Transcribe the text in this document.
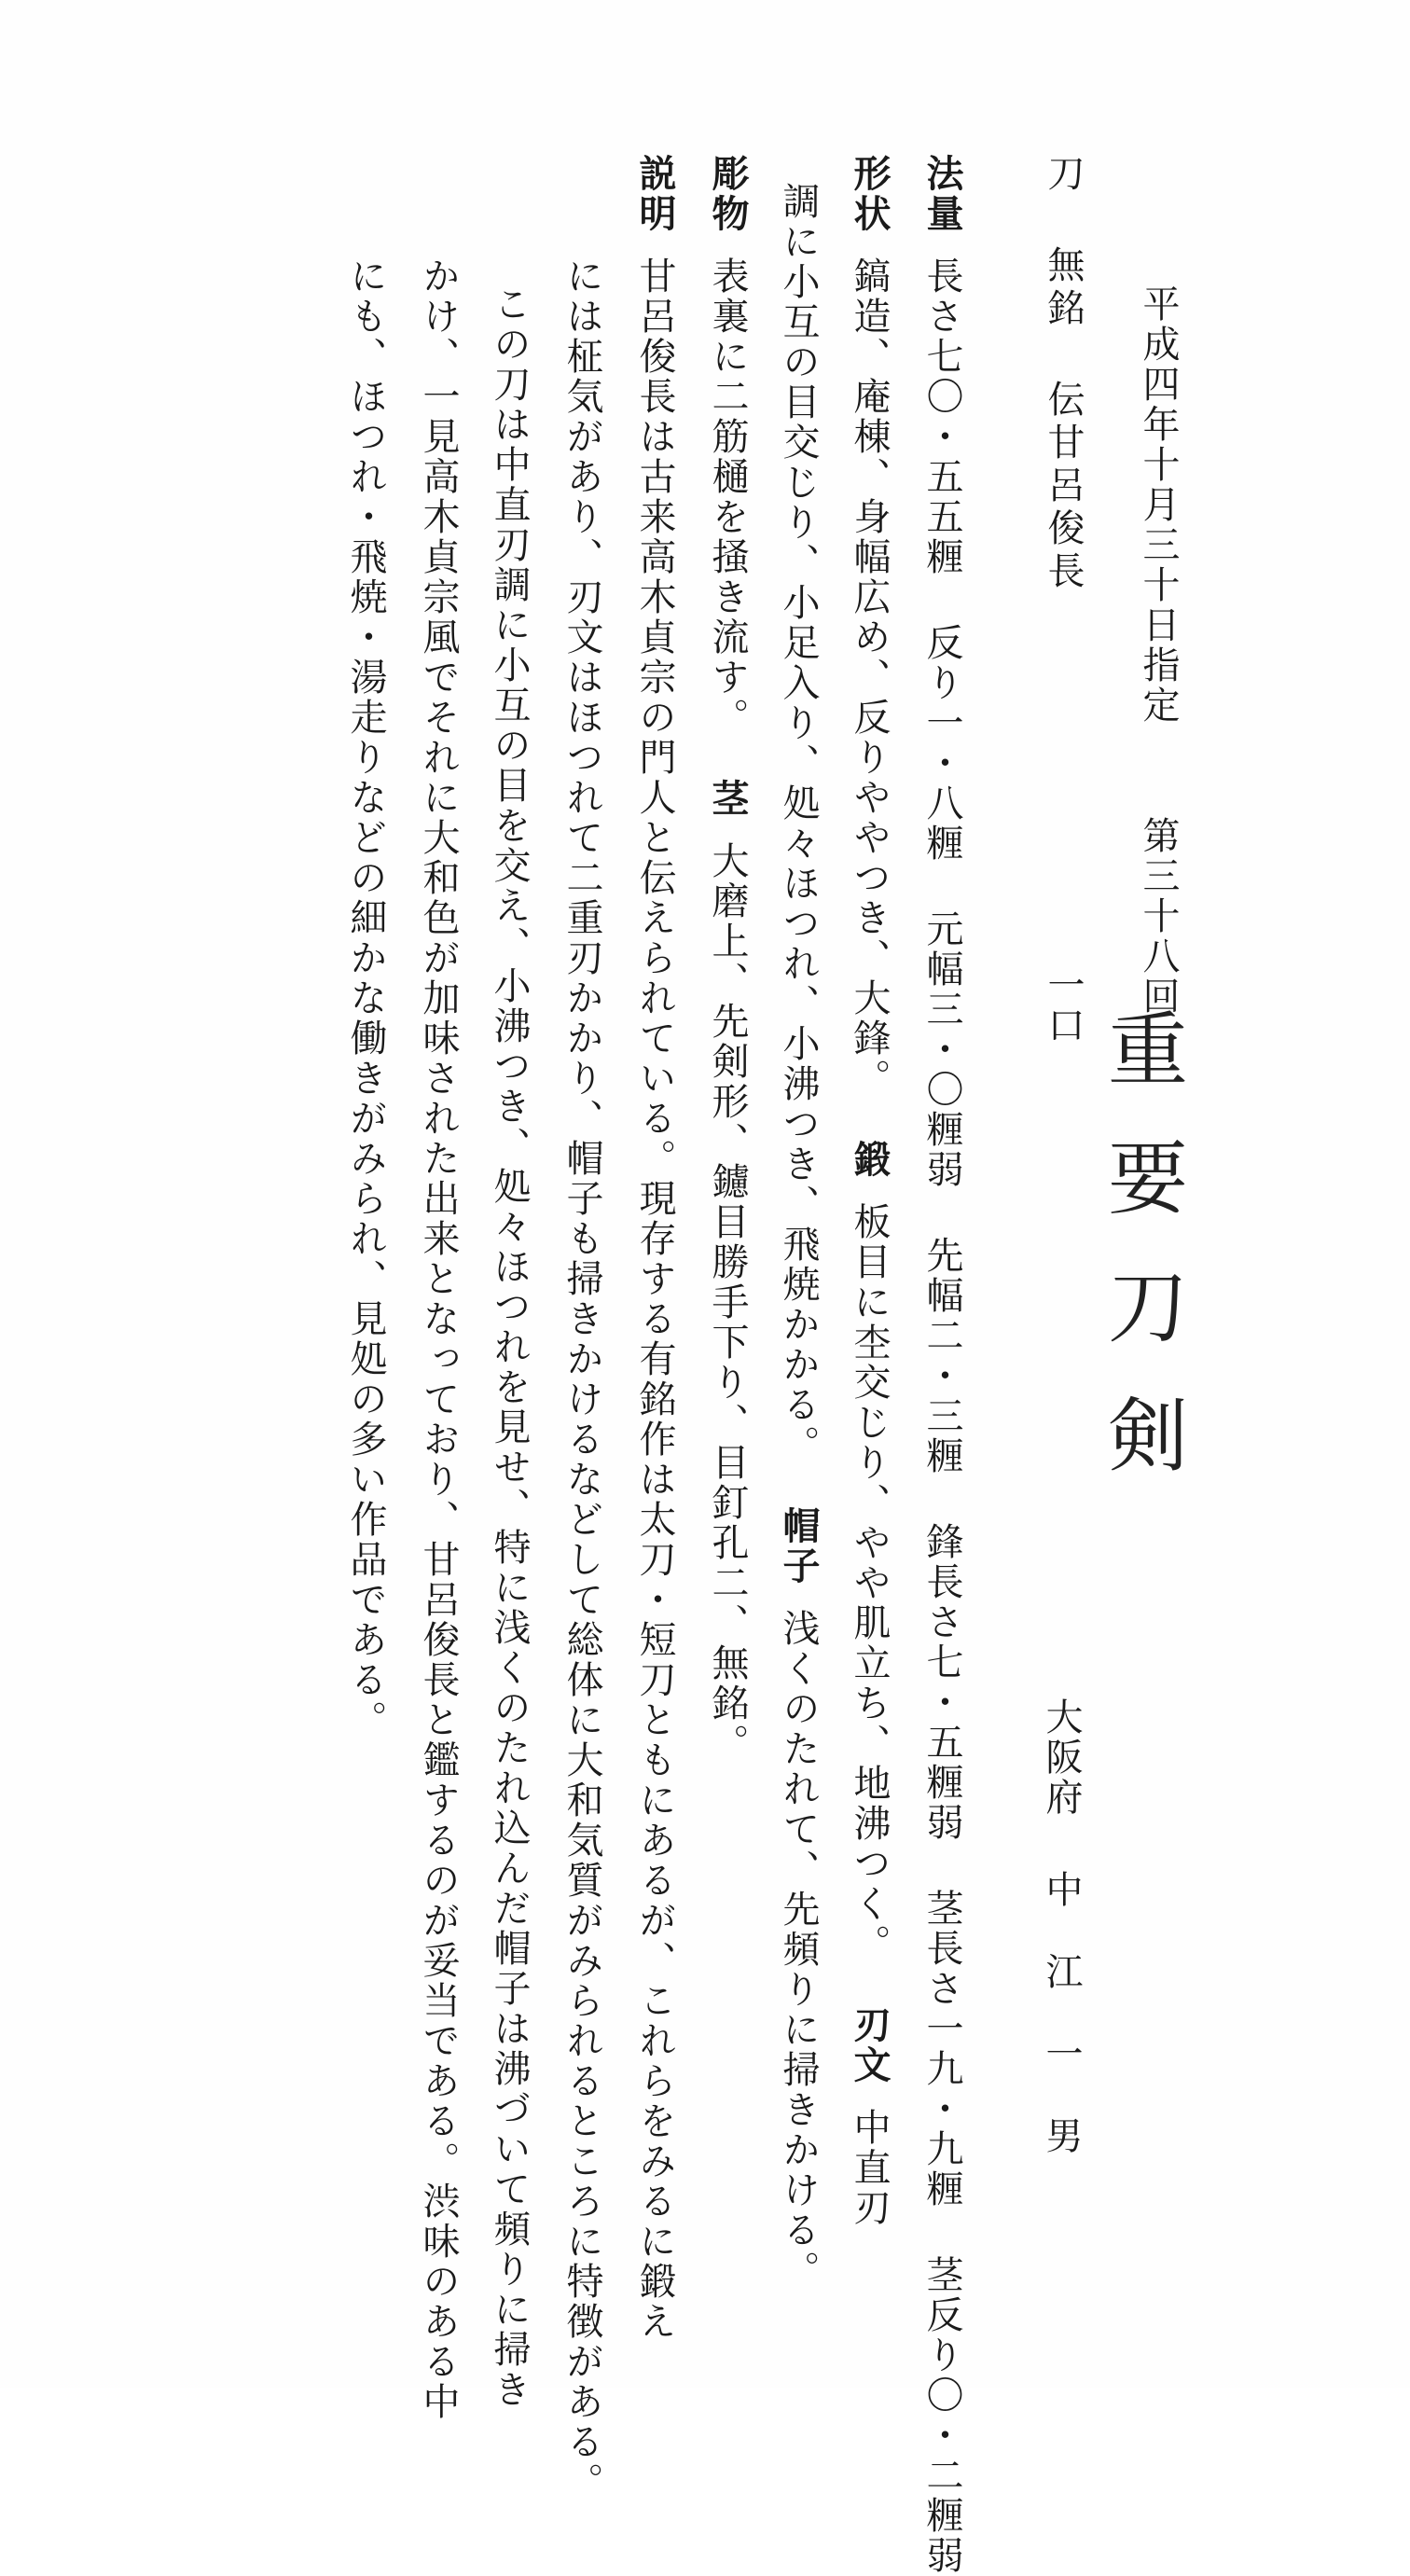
平成四年十月三十日指定
第三十八回
重要刀剣
大阪府
中江一男
刀 無銘 伝甘呂俊長
一口
法量長さ七〇・五五糎 反り一・八糎 元幅三・〇糎弱 先幅二・三糎 鋒長さ七・五糎弱 茎長さ一九・九糎 茎反り〇・二糎弱
形状鎬造、庵棟、身幅広め、反りややつき、大鋒。鍛板目に杢交じり、やや肌立ち、地沸つく。刃文中直刃
調に小互の目交じり、小足入り、処々ほつれ、小沸つき、飛焼かかる。帽子浅くのたれて、先頻りに掃きかける。
彫物表裏に二筋樋を掻き流す。茎大磨上、先剣形、鑢目勝手下り、目釘孔二、無銘。
説明甘呂俊長は古来高木貞宗の門人と伝えられている。現存する有銘作は太刀・短刀ともにあるが、これらをみるに鍛え
には柾気があり、刃文はほつれて二重刃かかり、帽子も掃きかけるなどして総体に大和気質がみられるところに特徴がある。
この刀は中直刃調に小互の目を交え、小沸つき、処々ほつれを見せ、特に浅くのたれ込んだ帽子は沸づいて頻りに掃き
かけ、一見高木貞宗風でそれに大和色が加味された出来となっており、甘呂俊長と鑑するのが妥当である。渋味のある中
にも、ほつれ・飛焼・湯走りなどの細かな働きがみられ、見処の多い作品である。
